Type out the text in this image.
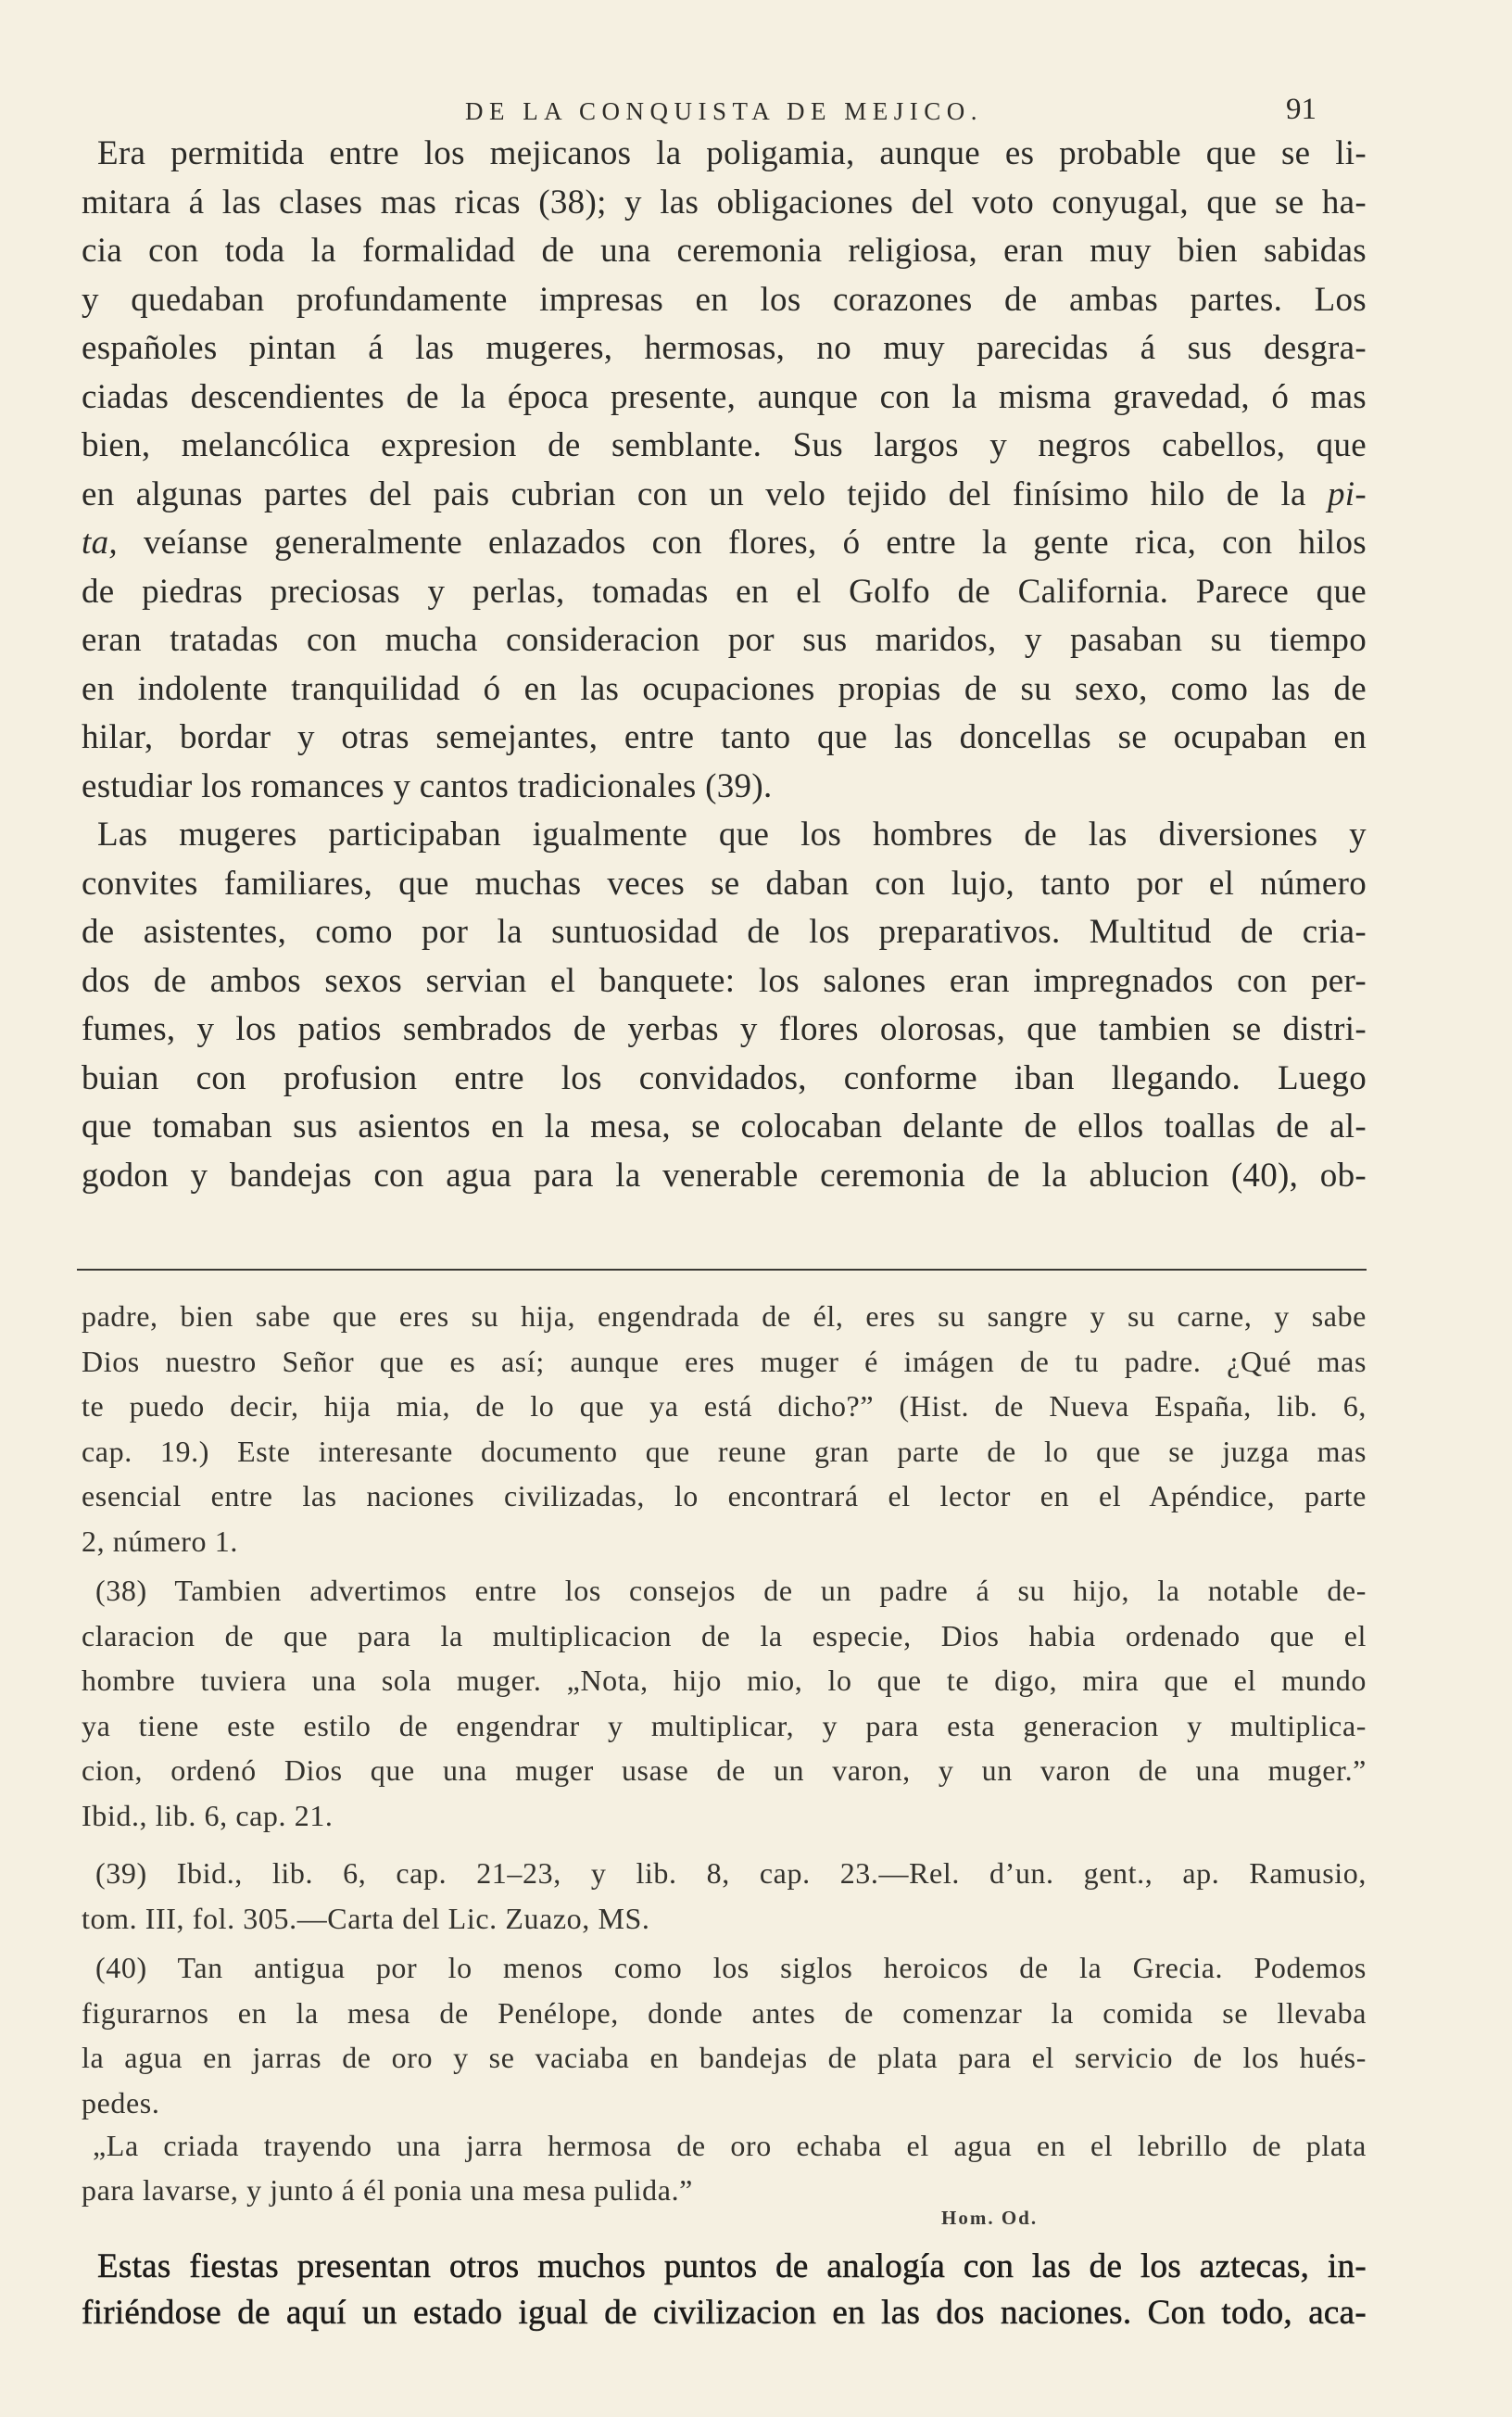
DE LA CONQUISTA DE MEJICO.	91
Era permitida entre los mejicanos la poligamia, aunque es probable que se li-
mitara á las clases mas ricas (38); y las obligaciones del voto conyugal, que se ha-
cia con toda la formalidad de una ceremonia religiosa, eran muy bien sabidas
y quedaban profundamente impresas en los corazones de ambas partes. Los
españoles pintan á las mugeres, hermosas, no muy parecidas á sus desgra-
ciadas descendientes de la época presente, aunque con la misma gravedad, ó mas
bien, melancólica expresion de semblante. Sus largos y negros cabellos, que
en algunas partes del pais cubrian con un velo tejido del finísimo hilo de la pi-
ta, veíanse generalmente enlazados con flores, ó entre la gente rica, con hilos
de piedras preciosas y perlas, tomadas en el Golfo de California. Parece que
eran tratadas con mucha consideracion por sus maridos, y pasaban su tiempo
en indolente tranquilidad ó en las ocupaciones propias de su sexo, como las de
hilar, bordar y otras semejantes, entre tanto que las doncellas se ocupaban en
estudiar los romances y cantos tradicionales (39).
Las mugeres participaban igualmente que los hombres de las diversiones y
convites familiares, que muchas veces se daban con lujo, tanto por el número
de asistentes, como por la suntuosidad de los preparativos. Multitud de cria-
dos de ambos sexos servian el banquete: los salones eran impregnados con per-
fumes, y los patios sembrados de yerbas y flores olorosas, que tambien se distri-
buian con profusion entre los convidados, conforme iban llegando. Luego
que tomaban sus asientos en la mesa, se colocaban delante de ellos toallas de al-
godon y bandejas con agua para la venerable ceremonia de la ablucion (40), ob-
padre, bien sabe que eres su hija, engendrada de él, eres su sangre y su carne, y sabe
Dios nuestro Señor que es así; aunque eres muger é imágen de tu padre. ¿Qué mas
te puedo decir, hija mia, de lo que ya está dicho?” (Hist. de Nueva España, lib. 6,
cap. 19.) Este interesante documento que reune gran parte de lo que se juzga mas
esencial entre las naciones civilizadas, lo encontrará el lector en el Apéndice, parte
2, número 1.
(38) Tambien advertimos entre los consejos de un padre á su hijo, la notable de-
claracion de que para la multiplicacion de la especie, Dios habia ordenado que el
hombre tuviera una sola muger. „Nota, hijo mio, lo que te digo, mira que el mundo
ya tiene este estilo de engendrar y multiplicar, y para esta generacion y multiplica-
cion, ordenó Dios que una muger usase de un varon, y un varon de una muger.”
Ibid., lib. 6, cap. 21.
(39) Ibid., lib. 6, cap. 21–23, y lib. 8, cap. 23.—Rel. d’un. gent., ap. Ramusio,
tom. III, fol. 305.—Carta del Lic. Zuazo, MS.
(40) Tan antigua por lo menos como los siglos heroicos de la Grecia. Podemos
figurarnos en la mesa de Penélope, donde antes de comenzar la comida se llevaba
la agua en jarras de oro y se vaciaba en bandejas de plata para el servicio de los hués-
pedes.
„La criada trayendo una jarra hermosa de oro echaba el agua en el lebrillo de plata
para lavarse, y junto á él ponia una mesa pulida.”
Hom. Od.
Estas fiestas presentan otros muchos puntos de analogía con las de los aztecas, in-
firiéndose de aquí un estado igual de civilizacion en las dos naciones. Con todo, aca-
